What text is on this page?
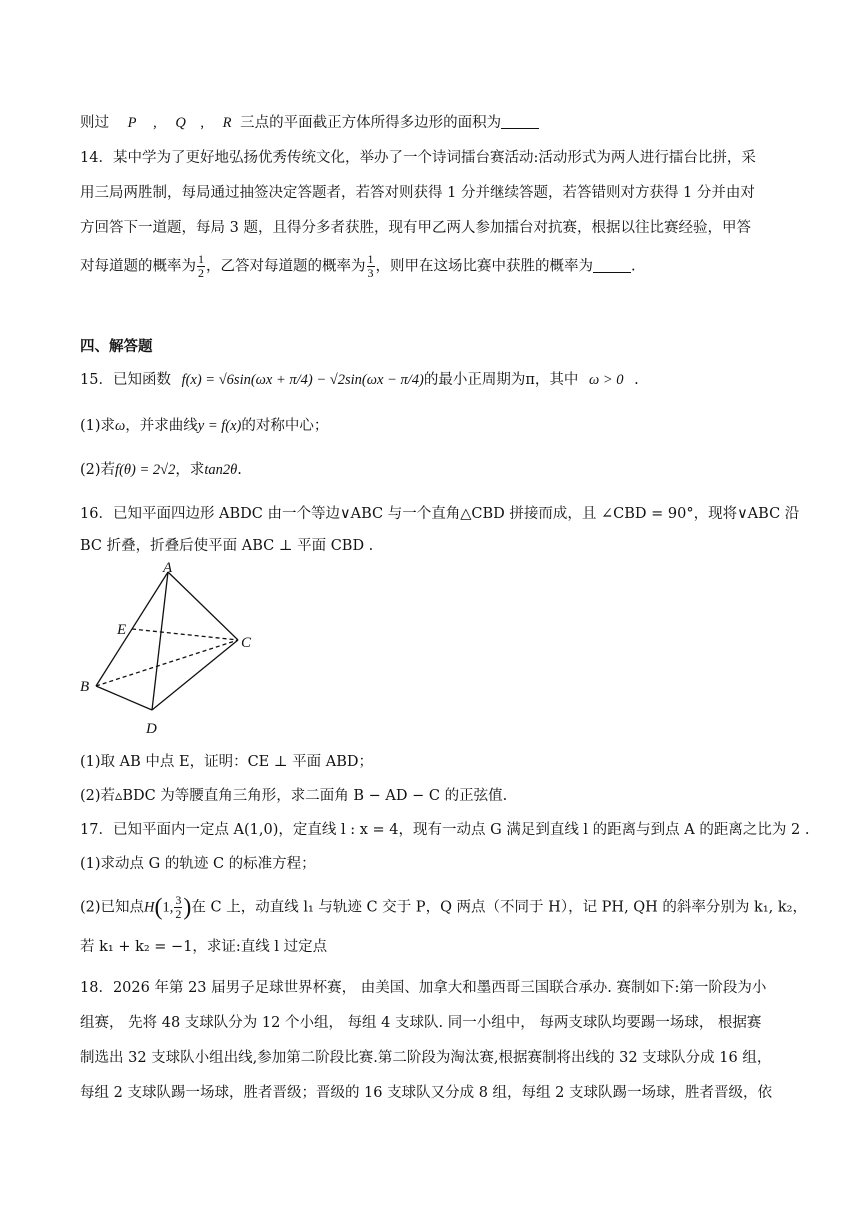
则过 P , Q , R 三点的平面截正方体所得多边形的面积为
14．某中学为了更好地弘扬优秀传统文化，举办了一个诗词擂台赛活动:活动形式为两人进行擂台比拼，采
用三局两胜制，每局通过抽签决定答题者，若答对则获得 1 分并继续答题，若答错则对方获得 1 分并由对
方回答下一道题，每局 3 题，且得分多者获胜，现有甲乙两人参加擂台对抗赛，根据以往比赛经验，甲答
对每道题的概率为 $\frac{1}{2}$ ，乙答对每道题的概率为 $\frac{1}{3}$ ，则甲在这场比赛中获胜的概率为	.
四、解答题
15．已知函数 f(x) = √6sin(ωx + π/4) − √2sin(ωx − π/4)的最小正周期为π，其中 ω > 0 .
(1)求ω，并求曲线y = f(x)的对称中心；
(2)若f(θ) = 2√2，求tan2θ.
16．已知平面四边形 ABDC 由一个等边∨ABC 与一个直角△CBD 拼接而成，且 ∠CBD = 90°，现将∨ABC 沿
BC 折叠，折叠后使平面 ABC ⊥ 平面 CBD .
A
E
C
B
D
(1)取 AB 中点 E，证明：CE ⊥ 平面 ABD；
(2)若▵BDC 为等腰直角三角形，求二面角 B − AD − C 的正弦值.
17．已知平面内一定点 A(1,0)，定直线 l : x = 4，现有一动点 G 满足到直线 l 的距离与到点 A 的距离之比为 2 .
(1)求动点 G 的轨迹 C 的标准方程；
(2)已知点H(1, $\frac{3}{2}$ )在 C 上，动直线 l₁ 与轨迹 C 交于 P，Q 两点（不同于 H），记 PH, QH 的斜率分别为 k₁, k₂，
若 k₁ + k₂ = −1，求证:直线 l 过定点
18．2026 年第 23 届男子足球世界杯赛， 由美国、加拿大和墨西哥三国联合承办. 赛制如下:第一阶段为小
组赛， 先将 48 支球队分为 12 个小组， 每组 4 支球队. 同一小组中， 每两支球队均要踢一场球， 根据赛
制选出 32 支球队小组出线,参加第二阶段比赛.第二阶段为淘汰赛,根据赛制将出线的 32 支球队分成 16 组，
每组 2 支球队踢一场球，胜者晋级；晋级的 16 支球队又分成 8 组，每组 2 支球队踢一场球，胜者晋级，依
